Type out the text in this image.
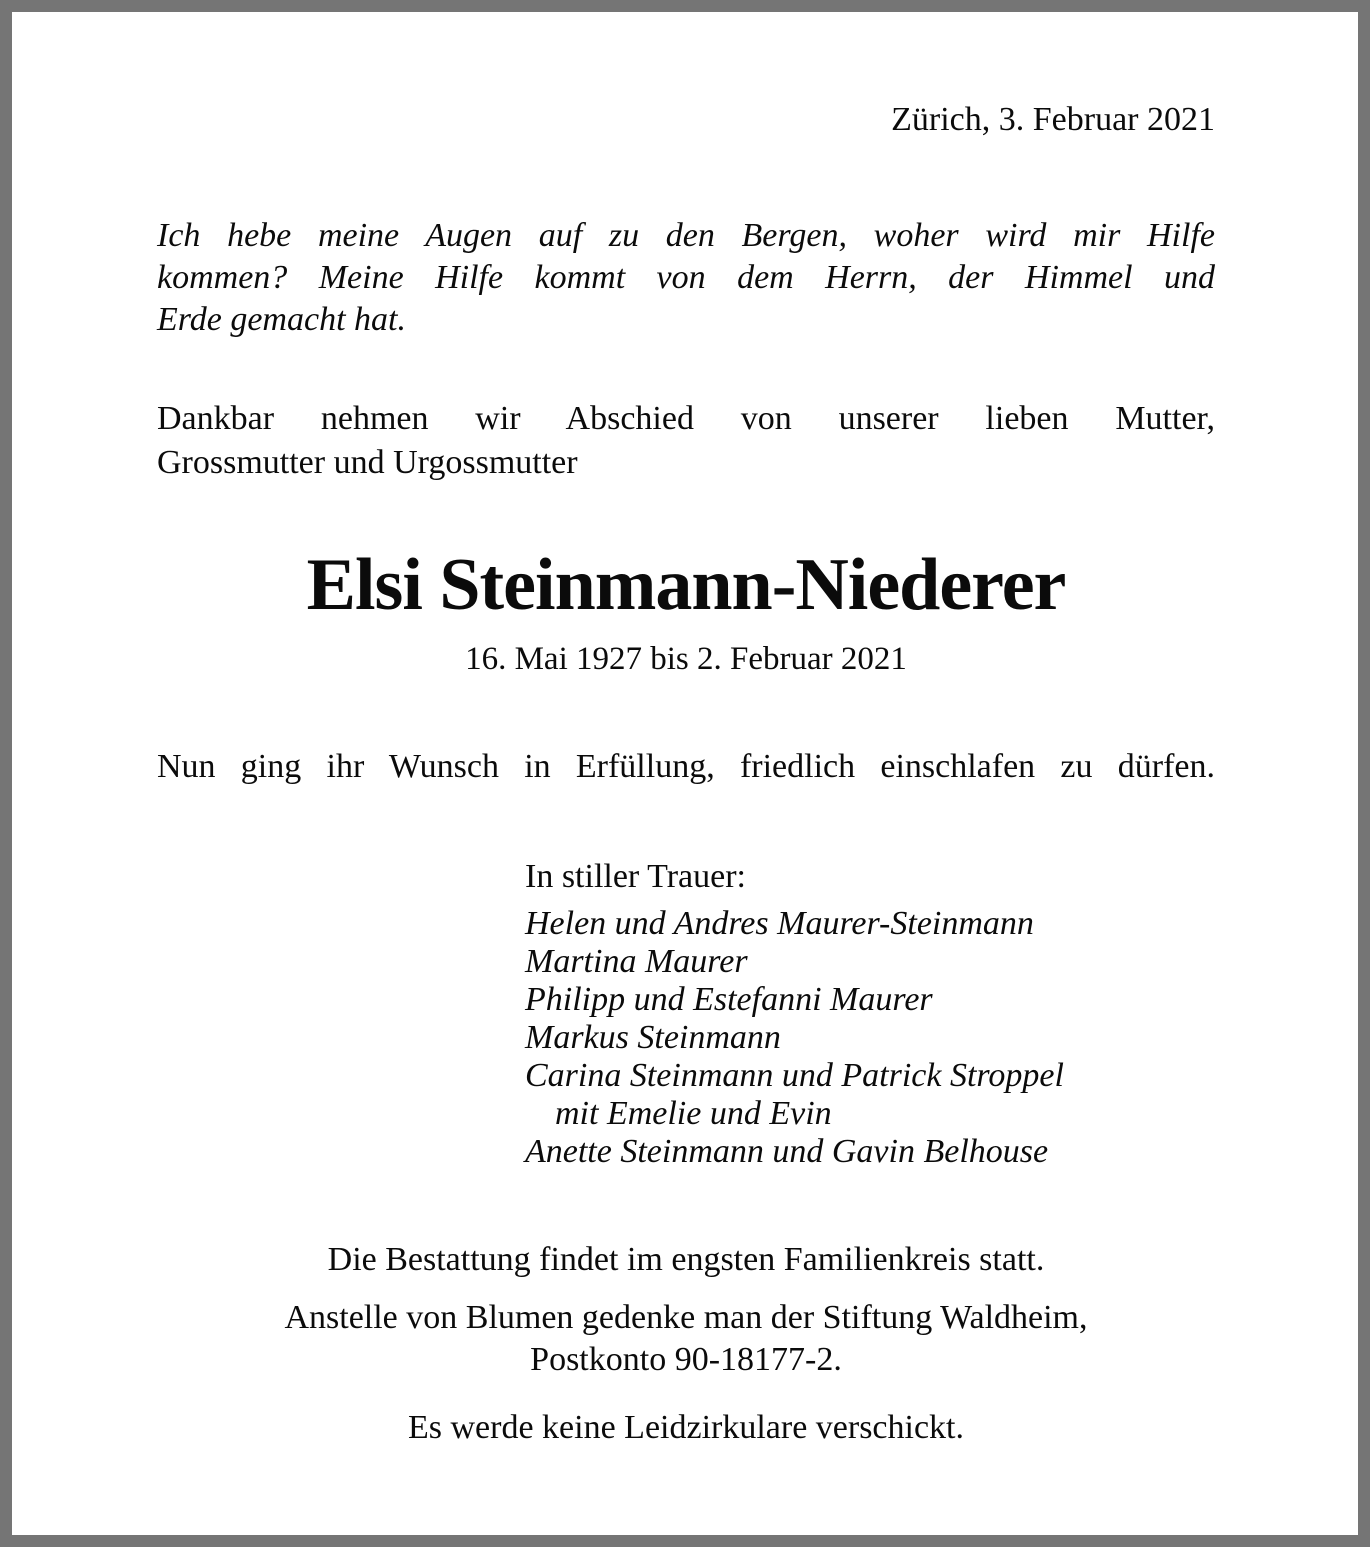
Zürich, 3. Februar 2021
Ich hebe meine Augen auf zu den Bergen, woher wird mir Hilfe
kommen? Meine Hilfe kommt von dem Herrn, der Himmel und
Erde gemacht hat.
Dankbar nehmen wir Abschied von unserer lieben Mutter,
Grossmutter und Urgossmutter
Elsi Steinmann-Niederer
16. Mai 1927 bis 2. Februar 2021
Nun ging ihr Wunsch in Erfüllung, friedlich einschlafen zu dürfen.
In stiller Trauer:
Helen und Andres Maurer-Steinmann
Martina Maurer
Philipp und Estefanni Maurer
Markus Steinmann
Carina Steinmann und Patrick Stroppel
mit Emelie und Evin
Anette Steinmann und Gavin Belhouse
Die Bestattung findet im engsten Familienkreis statt.
Anstelle von Blumen gedenke man der Stiftung Waldheim,
Postkonto 90-18177-2.
Es werde keine Leidzirkulare verschickt.
